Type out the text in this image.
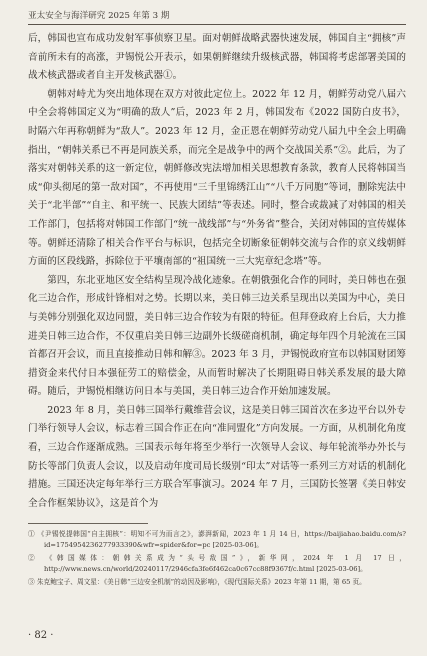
亚太安全与海洋研究 2025 年第 3 期

后，韩国也宣布成功发射军事侦察卫星。面对朝鲜战略武器快速发展，韩国自主“拥核”声音前所未有的高涨，尹锡悦公开表示，如果朝鲜继续升级核武器，韩国将考虑部署美国的战术核武器或者自主开发核武器①。

朝韩对峙尤为突出地体现在双方对彼此定位上。2022 年 12 月，朝鲜劳动党八届六中全会将韩国定义为“明确的敌人”后，2023 年 2 月，韩国发布《2022 国防白皮书》，时隔六年再称朝鲜为“敌人”。2023 年 12 月，金正恩在朝鲜劳动党八届九中全会上明确指出，“朝韩关系已不再是同族关系，而完全是战争中的两个交战国关系”②。此后，为了落实对朝韩关系的这一新定位，朝鲜修改宪法增加相关思想教育条款，教育人民将韩国当成“仰头彻尾的第一敌对国”，不再使用“三千里锦绣江山”“八千万同胞”等词，删除宪法中关于“北半部”“自主、和平统一、民族大团结”等表述。同时，整合或裁减了对韩国的相关工作部门，包括将对韩国工作部门“统一战线部”与“外务省”整合，关闭对韩国的宣传媒体等。朝鲜还清除了相关合作平台与标识，包括完全切断象征朝韩交流与合作的京义线朝鲜方面的区段线路，拆除位于平壤南部的“祖国统一三大宪章纪念塔”等。

第四，东北亚地区安全结构呈现冷战化迹象。在朝俄强化合作的同时，美日韩也在强化三边合作，形成针锋相对之势。长期以来，美日韩三边关系呈现出以美国为中心，美日与美韩分别强化双边同盟，美日韩三边合作较为有限的特征。但拜登政府上台后，大力推进美日韩三边合作，不仅重启美日韩三边副外长级磋商机制，确定每年四个月轮流在三国首都召开会议，而且直接推动日韩和解③。2023 年 3 月，尹锡悦政府宣布以韩国财团筹措资金来代付日本强征劳工的赔偿金，从而暂时解决了长期阻碍日韩关系发展的最大障碍。随后，尹锡悦相继访问日本与美国，美日韩三边合作开始加速发展。

2023 年 8 月，美日韩三国举行戴维营会议，这是美日韩三国首次在多边平台以外专门举行领导人会议，标志着三国合作正在向“准同盟化”方向发展。一方面，从机制化角度看，三边合作逐渐成熟。三国表示每年将至少举行一次领导人会议、每年轮流举办外长与防长等部门负责人会议，以及启动年度司局长级别“印太”对话等一系列三方对话的机制化措施。三国还决定每年举行三方联合军事演习。2024 年 7 月，三国防长签署《美日韩安全合作框架协议》，这是首个为

① 《尹锡悦提韩国“自主拥核”：明知不可为而言之》，澎湃新闻，2023 年 1 月 14 日，https://baijiahao.baidu.com/s?id=1754954236277933390&wfr=spider&for=pc [2025-03-06]。

② 《韩国媒体：朝韩关系成为“头号敌国”》，新华网，2024 年 1 月 17 日，http://www.news.cn/world/20240117/2946cfa3fe6f462ca0c67cc88f9367f/c.html [2025-03-06]。

③ 朱克鲍宝子、周文星：《美日韩“三边安全机制”的动因及影响》，《现代国际关系》2023 年第 11 期，第 65 页。

· 82 ·
